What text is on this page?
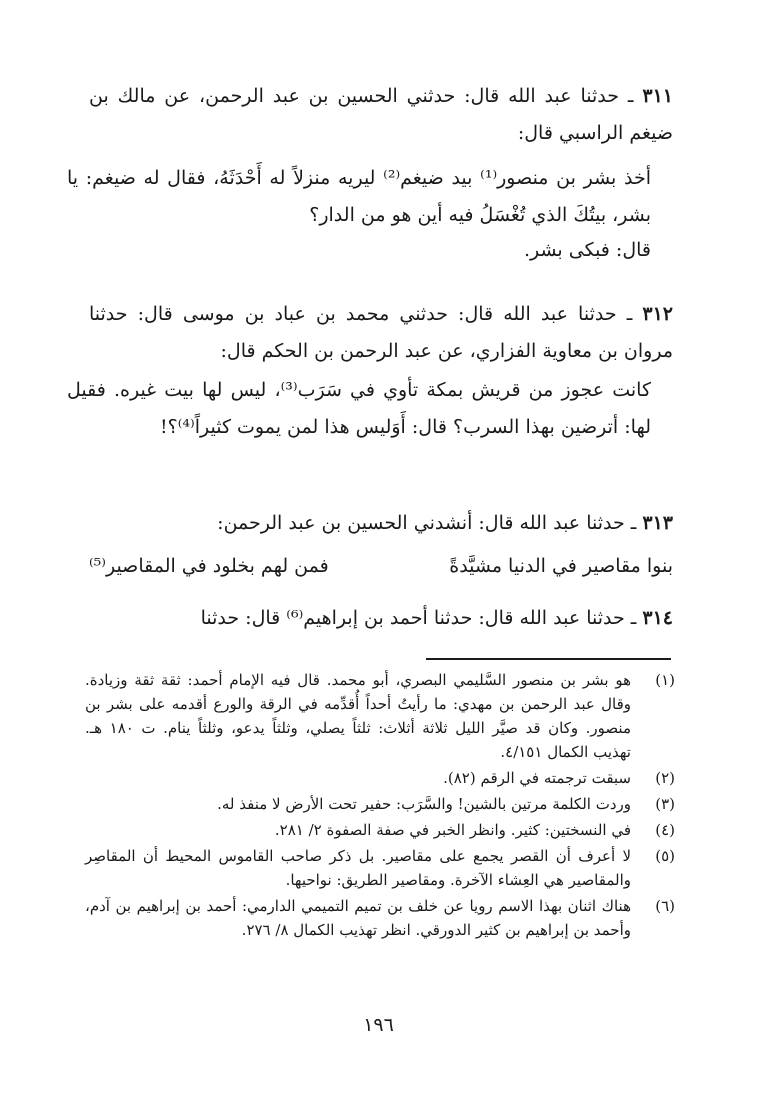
٣١١ ـ حدثنا عبد الله قال: حدثني الحسين بن عبد الرحمن، عن مالك بن ضيغم الراسبي قال:

أخذ بشر بن منصور⁽¹⁾ بيد ضيغم⁽²⁾ ليريه منزلاً له أَحْدَثَهُ، فقال له ضيغم: يا بشر، بيتُكَ الذي تُغْسَلُ فيه أين هو من الدار؟

قال: فبكى بشر.

٣١٢ ـ حدثنا عبد الله قال: حدثني محمد بن عباد بن موسى قال: حدثنا مروان بن معاوية الفزاري، عن عبد الرحمن بن الحكم قال:

كانت عجوز من قريش بمكة تأوي في سَرَب⁽³⁾، ليس لها بيت غيره. فقيل لها: أترضين بهذا السرب؟ قال: أَوَليس هذا لمن يموت كثيراً⁽⁴⁾؟!

٣١٣ ـ حدثنا عبد الله قال: أنشدني الحسين بن عبد الرحمن:

بنوا مقاصير في الدنيا مشيَّدةً
فمن لهم بخلود في المقاصير⁽⁵⁾

٣١٤ ـ حدثنا عبد الله قال: حدثنا أحمد بن إبراهيم⁽⁶⁾ قال: حدثنا

(١)
هو بشر بن منصور السَّليمي البصري، أبو محمد. قال فيه الإمام أحمد: ثقة ثقة وزيادة. وقال عبد الرحمن بن مهدي: ما رأيتُ أحداً أُقدِّمه في الرقة والورع أقدمه على بشر بن منصور. وكان قد صيَّر الليل ثلاثة أثلاث: ثلثاً يصلي، وثلثاً يدعو، وثلثاً ينام. ت ١٨٠ هـ. تهذيب الكمال ٤/١٥١.
(٢)
سبقت ترجمته في الرقم (٨٢).
(٣)
وردت الكلمة مرتين بالشين! والسَّرَب: حفير تحت الأرض لا منفذ له.
(٤)
في النسختين: كثير. وانظر الخبر في صفة الصفوة ٢/ ٢٨١.
(٥)
لا أعرف أن القصر يجمع على مقاصير. بل ذكر صاحب القاموس المحيط أن المقاصِر والمقاصير هي العِشاء الآخرة. ومقاصير الطريق: نواحيها.
(٦)
هناك اثنان بهذا الاسم رويا عن خلف بن تميم التميمي الدارمي: أحمد بن إبراهيم بن آدم، وأحمد بن إبراهيم بن كثير الدورقي. انظر تهذيب الكمال ٨/ ٢٧٦.
١٩٦
